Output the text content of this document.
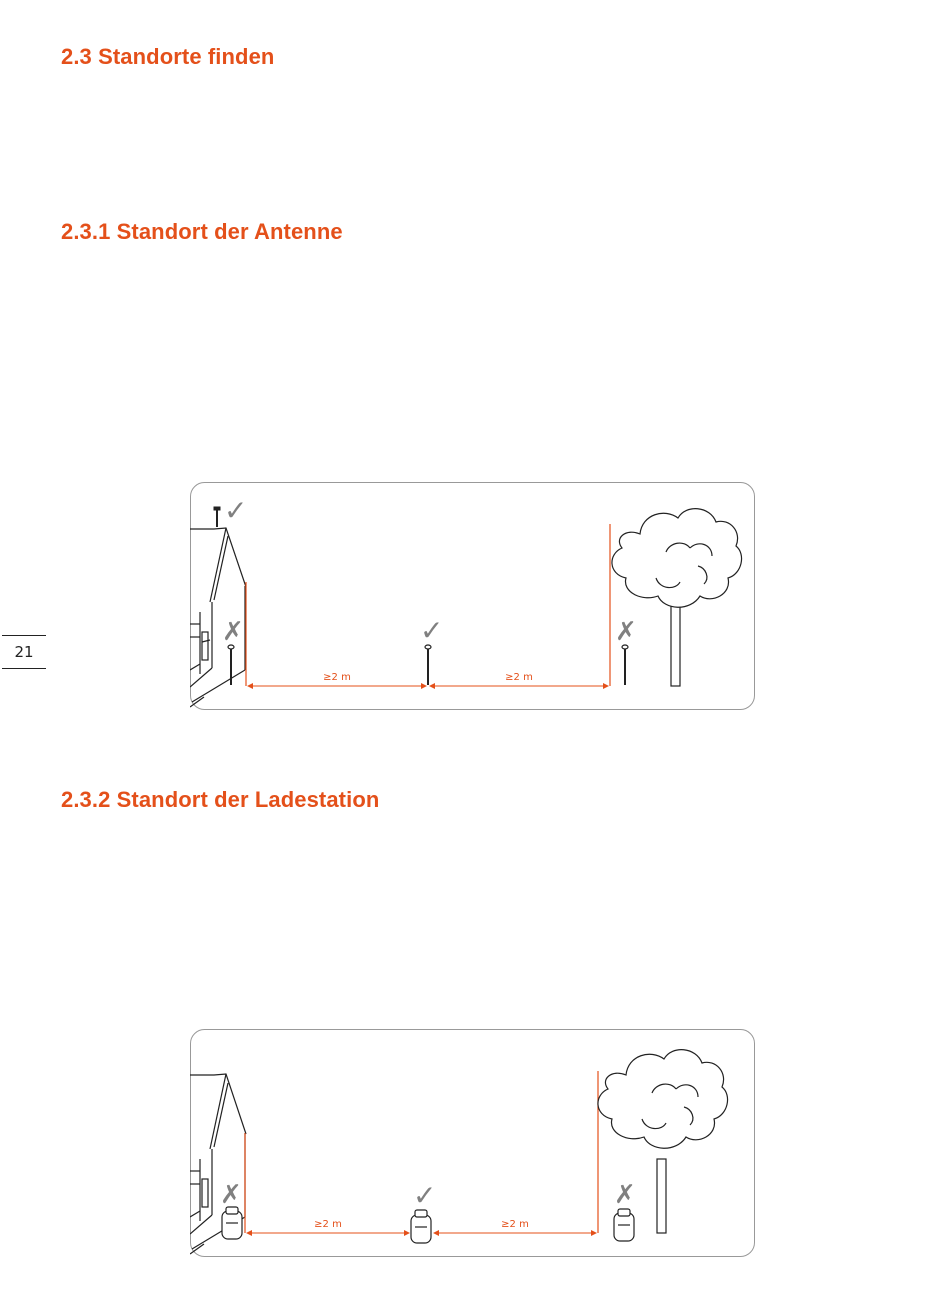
2.3 Standorte finden
2.3.1 Standort der Antenne
2.3.2 Standort der Ladestation
21
✓
✗	✓	✗
≥2 m	≥2 m
✗	✓	✗
≥2 m	≥2 m
